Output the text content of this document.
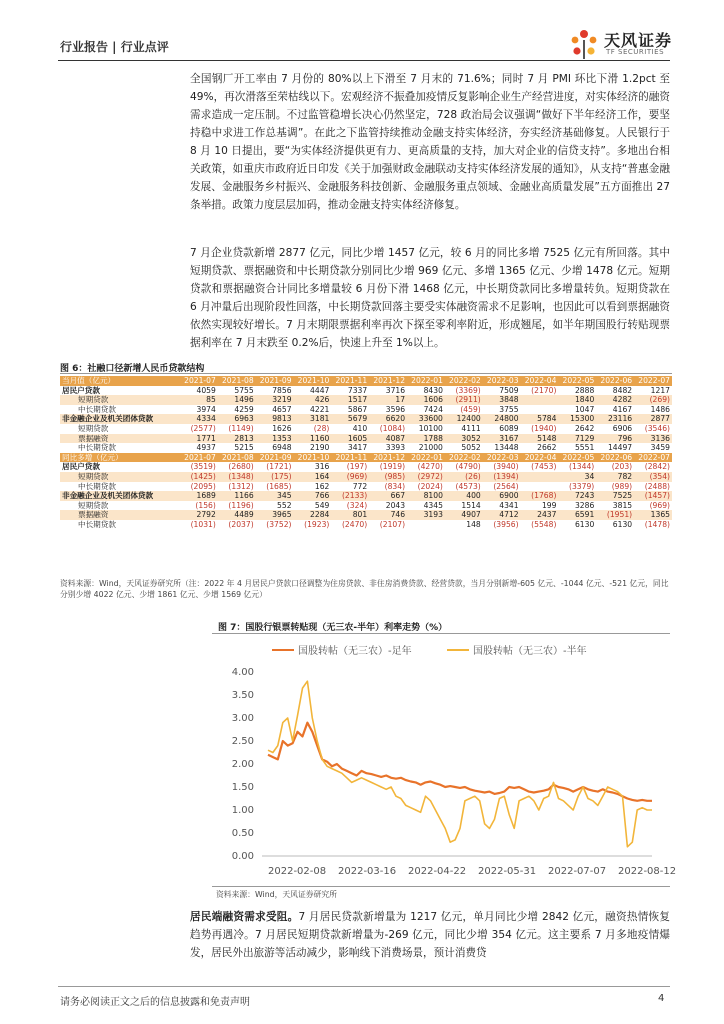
行业报告 | 行业点评	天风证券
TF SECURITIES
全国钢厂开工率由 7 月份的 80%以上下滑至 7 月末的 71.6%；同时 7 月 PMI 环比下滑 1.2pct 至 49%，再次滑落至荣枯线以下。宏观经济不振叠加疫情反复影响企业生产经营进度，对实体经济的融资需求造成一定压制。不过监管稳增长决心仍然坚定，728 政治局会议强调“做好下半年经济工作，要坚持稳中求进工作总基调”。在此之下监管持续推动金融支持实体经济，夯实经济基础修复。人民银行于 8 月 10 日提出，要“为实体经济提供更有力、更高质量的支持，加大对企业的信贷支持”。多地出台相关政策，如重庆市政府近日印发《关于加强财政金融联动支持实体经济发展的通知》，从支持“普惠金融发展、金融服务乡村振兴、金融服务科技创新、金融服务重点领域、金融业高质量发展”五方面推出 27 条举措。政策力度层层加码，推动金融支持实体经济修复。
7 月企业贷款新增 2877 亿元，同比少增 1457 亿元，较 6 月的同比多增 7525 亿元有所回落。其中短期贷款、票据融资和中长期贷款分别同比少增 969 亿元、多增 1365 亿元、少增 1478 亿元。短期贷款和票据融资合计同比多增量较 6 月份下滑 1468 亿元，中长期贷款同比多增量转负。短期贷款在 6 月冲量后出现阶段性回落，中长期贷款回落主要受实体融资需求不足影响，也因此可以看到票据融资依然实现较好增长。7 月末期限票据利率再次下探至零利率附近，形成翘尾，如半年期国股行转贴现票据利率在 7 月末跌至 0.2%后，快速上升至 1%以上。
图 6：社融口径新增人民币贷款结构
当月值（亿元）	2021-07	2021-08	2021-09	2021-10	2021-11	2021-12	2022-01	2022-02	2022-03	2022-04	2022-05	2022-06	2022-07
居民户贷款	4059	5755	7856	4447	7337	3716	8430	(3369)	7509	(2170)	2888	8482	1217
短期贷款	85	1496	3219	426	1517	17	1606	(2911)	3848		1840	4282	(269)
中长期贷款	3974	4259	4657	4221	5867	3596	7424	(459)	3755		1047	4167	1486
非金融企业及机关团体贷款	4334	6963	9813	3181	5679	6620	33600	12400	24800	5784	15300	23116	2877
短期贷款	(2577)	(1149)	1626	(28)	410	(1084)	10100	4111	6089	(1940)	2642	6906	(3546)
票据融资	1771	2813	1353	1160	1605	4087	1788	3052	3167	5148	7129	796	3136
中长期贷款	4937	5215	6948	2190	3417	3393	21000	5052	13448	2662	5551	14497	3459
同比多增（亿元）	2021-07	2021-08	2021-09	2021-10	2021-11	2021-12	2022-01	2022-02	2022-03	2022-04	2022-05	2022-06	2022-07
居民户贷款	(3519)	(2680)	(1721)	316	(197)	(1919)	(4270)	(4790)	(3940)	(7453)	(1344)	(203)	(2842)
短期贷款	(1425)	(1348)	(175)	164	(969)	(985)	(2972)	(26)	(1394)		34	782	(354)
中长期贷款	(2095)	(1312)	(1685)	162	772	(834)	(2024)	(4573)	(2564)		(3379)	(989)	(2488)
非金融企业及机关团体贷款	1689	1166	345	766	(2133)	667	8100	400	6900	(1768)	7243	7525	(1457)
短期贷款	(156)	(1196)	552	549	(324)	2043	4345	1514	4341	199	3286	3815	(969)
票据融资	2792	4489	3965	2284	801	746	3193	4907	4712	2437	6591	(1951)	1365
中长期贷款	(1031)	(2037)	(3752)	(1923)	(2470)	(2107)		148	(3956)	(5548)	6130	6130	(1478)
资料来源：Wind，天风证券研究所（注：2022 年 4 月居民户贷款口径调整为住房贷款、非住房消费贷款、经营贷款，当月分别新增-605 亿元、-1044 亿元、-521 亿元，同比分别少增 4022 亿元、少增 1861 亿元、少增 1569 亿元）
图 7：国股行银票转贴现（无三农-半年）利率走势（%）
国股转帖（无三农）-足年	国股转帖（无三农）-半年
0.00
0.50
1.00
1.50
2.00
2.50
3.00
3.50
4.00
2022-02-08 2022-03-16 2022-04-22 2022-05-31 2022-07-07 2022-08-12
资料来源：Wind，天风证券研究所
居民端融资需求受阻。7 月居民贷款新增量为 1217 亿元，单月同比少增 2842 亿元，融资热情恢复趋势再遇冷。7 月居民短期贷款新增量为-269 亿元，同比少增 354 亿元。这主要系 7 月多地疫情爆发，居民外出旅游等活动减少，影响线下消费场景，预计消费贷
请务必阅读正文之后的信息披露和免责声明	4
